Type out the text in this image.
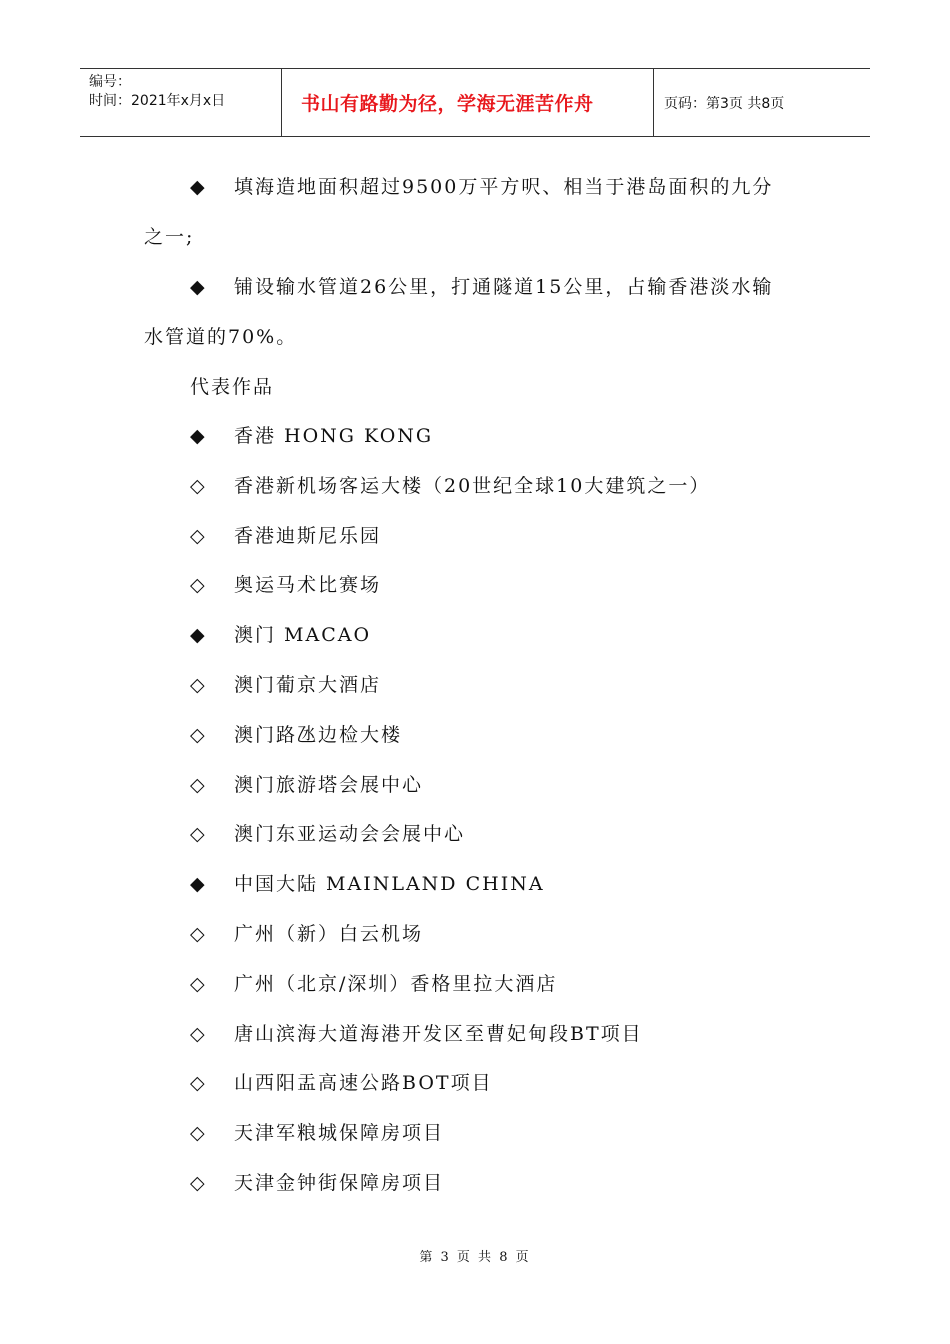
编号：
时间：2021年x月x日	书山有路勤为径，学海无涯苦作舟	页码：第3页 共8页
◆ 填海造地面积超过9500万平方呎、相当于港岛面积的九分
之一;
◆ 铺设输水管道26公里，打通隧道15公里，占输香港淡水输
水管道的70%。
代表作品
◆ 香港 HONG KONG
◇ 香港新机场客运大楼（20世纪全球10大建筑之一）
◇ 香港迪斯尼乐园
◇ 奥运马术比赛场
◆ 澳门 MACAO
◇ 澳门葡京大酒店
◇ 澳门路氹边检大楼
◇ 澳门旅游塔会展中心
◇ 澳门东亚运动会会展中心
◆ 中国大陆 MAINLAND CHINA
◇ 广州（新）白云机场
◇ 广州（北京/深圳）香格里拉大酒店
◇ 唐山滨海大道海港开发区至曹妃甸段BT项目
◇ 山西阳盂高速公路BOT项目
◇ 天津军粮城保障房项目
◇ 天津金钟街保障房项目
第 3 页 共 8 页
